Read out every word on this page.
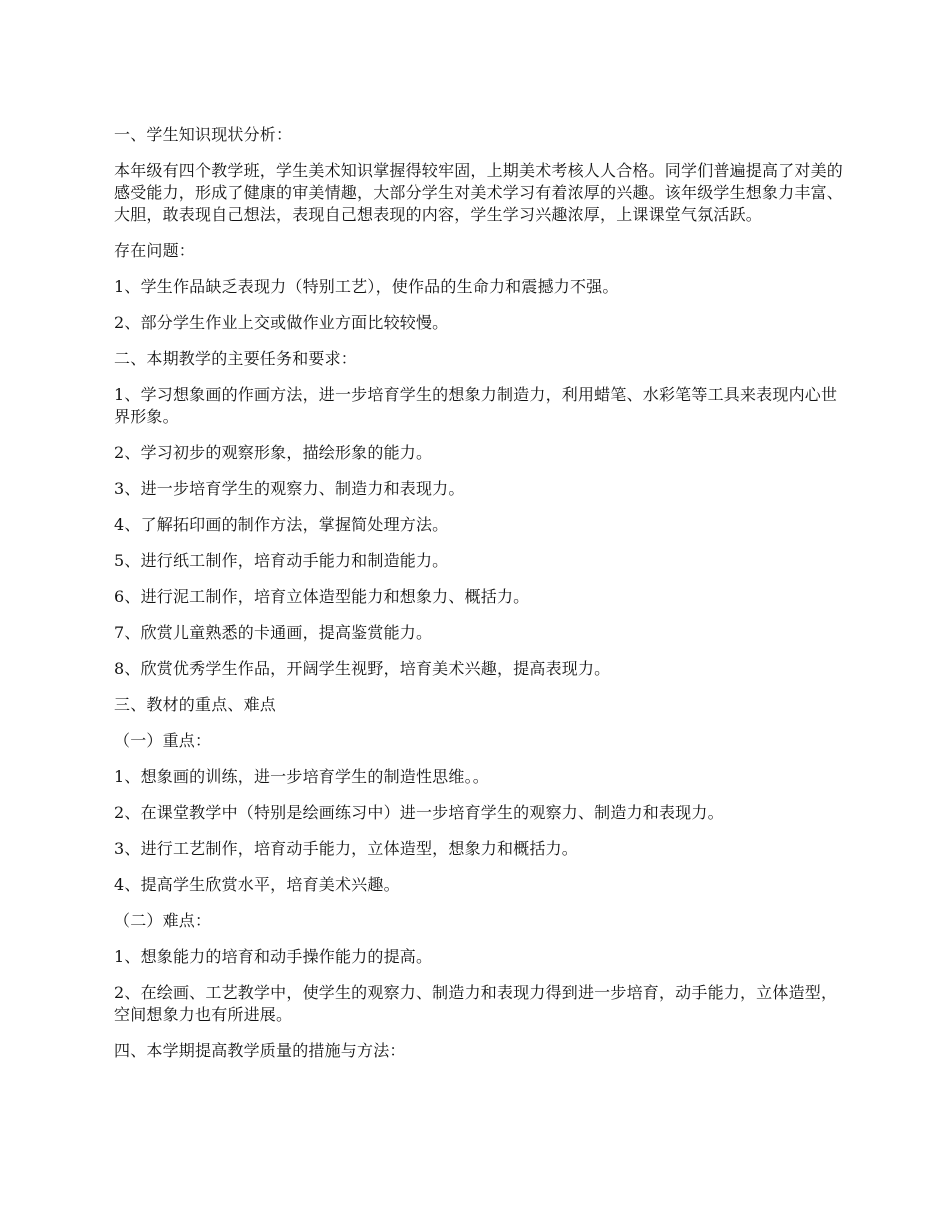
一、学生知识现状分析：

本年级有四个教学班，学生美术知识掌握得较牢固，上期美术考核人人合格。同学们普遍提高了对美的感受能力，形成了健康的审美情趣，大部分学生对美术学习有着浓厚的兴趣。该年级学生想象力丰富、大胆，敢表现自己想法，表现自己想表现的内容，学生学习兴趣浓厚，上课课堂气氛活跃。

存在问题：

1、学生作品缺乏表现力（特别工艺），使作品的生命力和震撼力不强。

2、部分学生作业上交或做作业方面比较较慢。

二、本期教学的主要任务和要求：

1、学习想象画的作画方法，进一步培育学生的想象力制造力，利用蜡笔、水彩笔等工具来表现内心世界形象。

2、学习初步的观察形象，描绘形象的能力。

3、进一步培育学生的观察力、制造力和表现力。

4、了解拓印画的制作方法，掌握简处理方法。

5、进行纸工制作，培育动手能力和制造能力。

6、进行泥工制作，培育立体造型能力和想象力、概括力。

7、欣赏儿童熟悉的卡通画，提高鉴赏能力。

8、欣赏优秀学生作品，开阔学生视野，培育美术兴趣，提高表现力。

三、教材的重点、难点

（一）重点：

1、想象画的训练，进一步培育学生的制造性思维。。

2、在课堂教学中（特别是绘画练习中）进一步培育学生的观察力、制造力和表现力。

3、进行工艺制作，培育动手能力，立体造型，想象力和概括力。

4、提高学生欣赏水平，培育美术兴趣。

（二）难点：

1、想象能力的培育和动手操作能力的提高。

2、在绘画、工艺教学中，使学生的观察力、制造力和表现力得到进一步培育，动手能力，立体造型，空间想象力也有所进展。

四、本学期提高教学质量的措施与方法：
